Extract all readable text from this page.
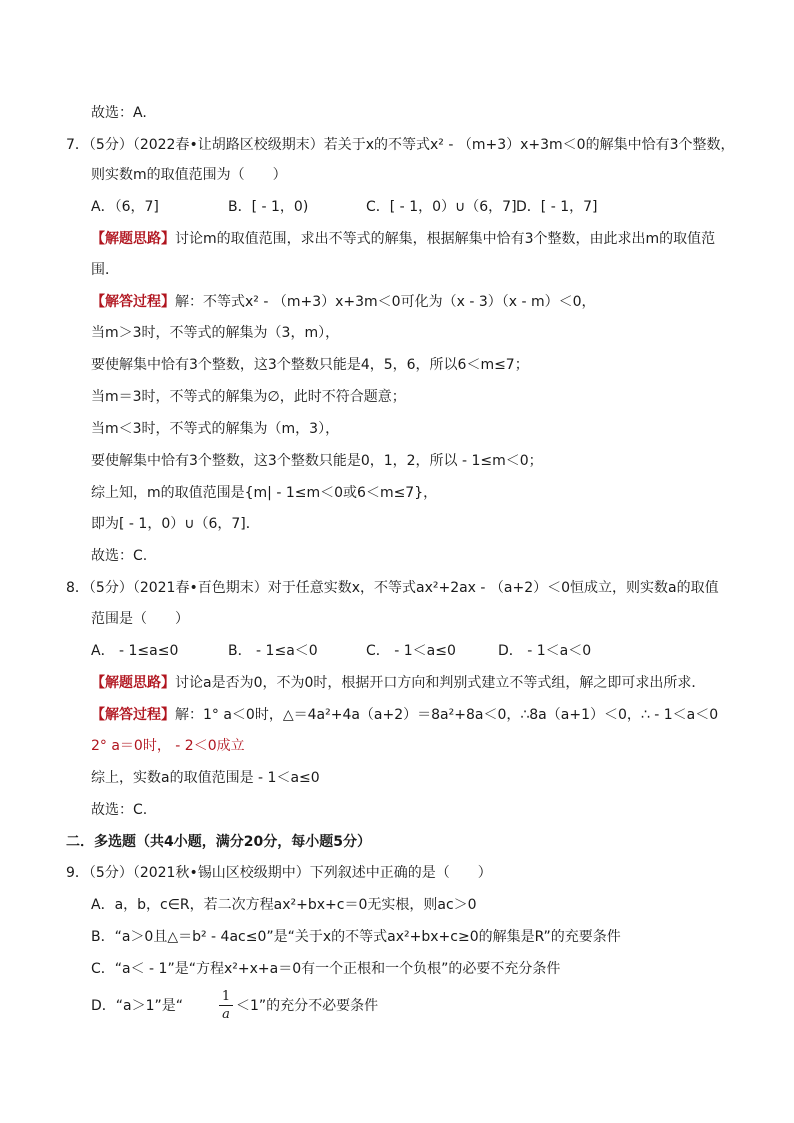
故选：A.
7．（5分）（2022春•让胡路区校级期末）若关于x的不等式x² - （m+3）x+3m＜0的解集中恰有3个整数，
则实数m的取值范围为（　　）
A．（6，7]	B．[ - 1，0)	C．[ - 1，0）∪（6，7] D．[ - 1，7]
【解题思路】讨论m的取值范围，求出不等式的解集，根据解集中恰有3个整数，由此求出m的取值范
围．
【解答过程】解：不等式x² - （m+3）x+3m＜0可化为（x - 3）（x - m）＜0，
当m＞3时，不等式的解集为（3，m），
要使解集中恰有3个整数，这3个整数只能是4，5，6，所以6＜m≤7；
当m＝3时，不等式的解集为∅，此时不符合题意；
当m＜3时，不等式的解集为（m，3），
要使解集中恰有3个整数，这3个整数只能是0，1，2，所以 - 1≤m＜0；
综上知，m的取值范围是{m| - 1≤m＜0或6＜m≤7}，
即为[ - 1，0）∪（6，7]．
故选：C.
8．（5分）（2021春•百色期末）对于任意实数x，不等式ax²+2ax - （a+2）＜0恒成立，则实数a的取值
范围是（　　）
A． - 1≤a≤0	B． - 1≤a＜0	C． - 1＜a≤0	D． - 1＜a＜0
【解题思路】讨论a是否为0，不为0时，根据开口方向和判别式建立不等式组，解之即可求出所求．
【解答过程】解：1° a＜0时，△＝4a²+4a（a+2）＝8a²+8a＜0，∴8a（a+1）＜0，∴ - 1＜a＜0
2° a＝0时， - 2＜0成立
综上，实数a的取值范围是 - 1＜a≤0
故选：C.
二．多选题（共4小题，满分20分，每小题5分）
9．（5分）（2021秋•锡山区校级期中）下列叙述中正确的是（　　）
A．a，b，c∈R，若二次方程ax²+bx+c＝0无实根，则ac＞0
B．“a＞0且△＝b² - 4ac≤0”是“关于x的不等式ax²+bx+c≥0的解集是R”的充要条件
C．“a＜ - 1”是“方程x²+x+a＝0有一个正根和一个负根”的必要不充分条件
D．“a＞1”是“
1
a
＜1”的充分不必要条件
